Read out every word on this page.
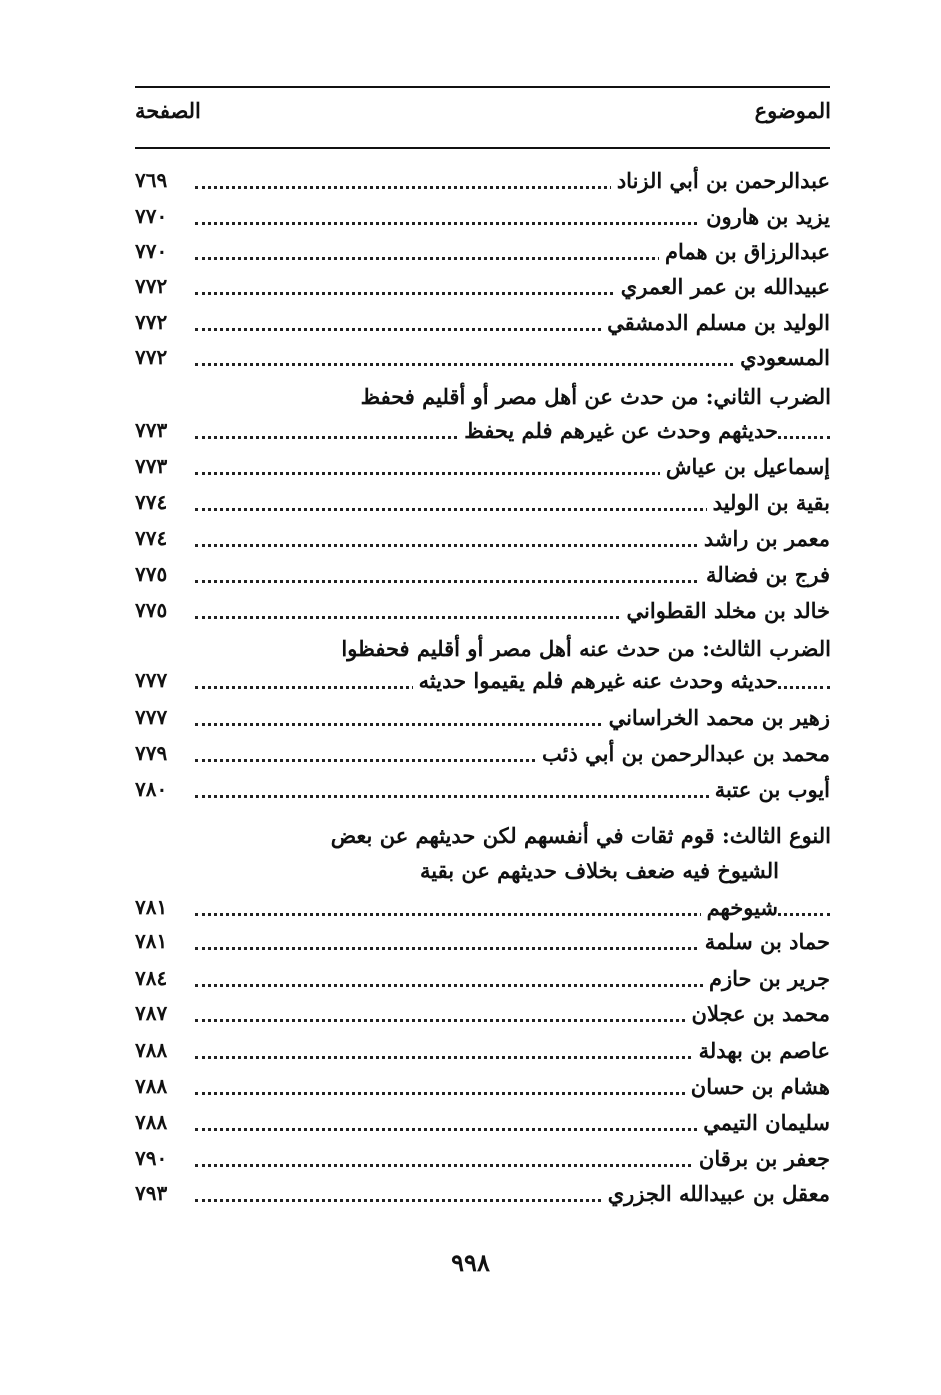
الموضوع
الصفحة
عبدالرحمن بن أبي الزناد
٧٦٩
يزيد بن هارون
٧٧٠
عبدالرزاق بن همام
٧٧٠
عبيدالله بن عمر العمري
٧٧٢
الوليد بن مسلم الدمشقي
٧٧٢
المسعودي
٧٧٢
الضرب الثاني: من حدث عن أهل مصر أو أقليم فحفظ
حديثهم وحدث عن غيرهم فلم يحفظ
٧٧٣
إسماعيل بن عياش
٧٧٣
بقية بن الوليد
٧٧٤
معمر بن راشد
٧٧٤
فرج بن فضالة
٧٧٥
خالد بن مخلد القطواني
٧٧٥
الضرب الثالث: من حدث عنه أهل مصر أو أقليم فحفظوا
حديثه وحدث عنه غيرهم فلم يقيموا حديثه
٧٧٧
زهير بن محمد الخراساني
٧٧٧
محمد بن عبدالرحمن بن أبي ذئب
٧٧٩
أيوب بن عتبة
٧٨٠
النوع الثالث: قوم ثقات في أنفسهم لكن حديثهم عن بعض
الشيوخ فيه ضعف بخلاف حديثهم عن بقية
شيوخهم
٧٨١
حماد بن سلمة
٧٨١
جرير بن حازم
٧٨٤
محمد بن عجلان
٧٨٧
عاصم بن بهدلة
٧٨٨
هشام بن حسان
٧٨٨
سليمان التيمي
٧٨٨
جعفر بن برقان
٧٩٠
معقل بن عبيدالله الجزري
٧٩٣
٩٩٨
